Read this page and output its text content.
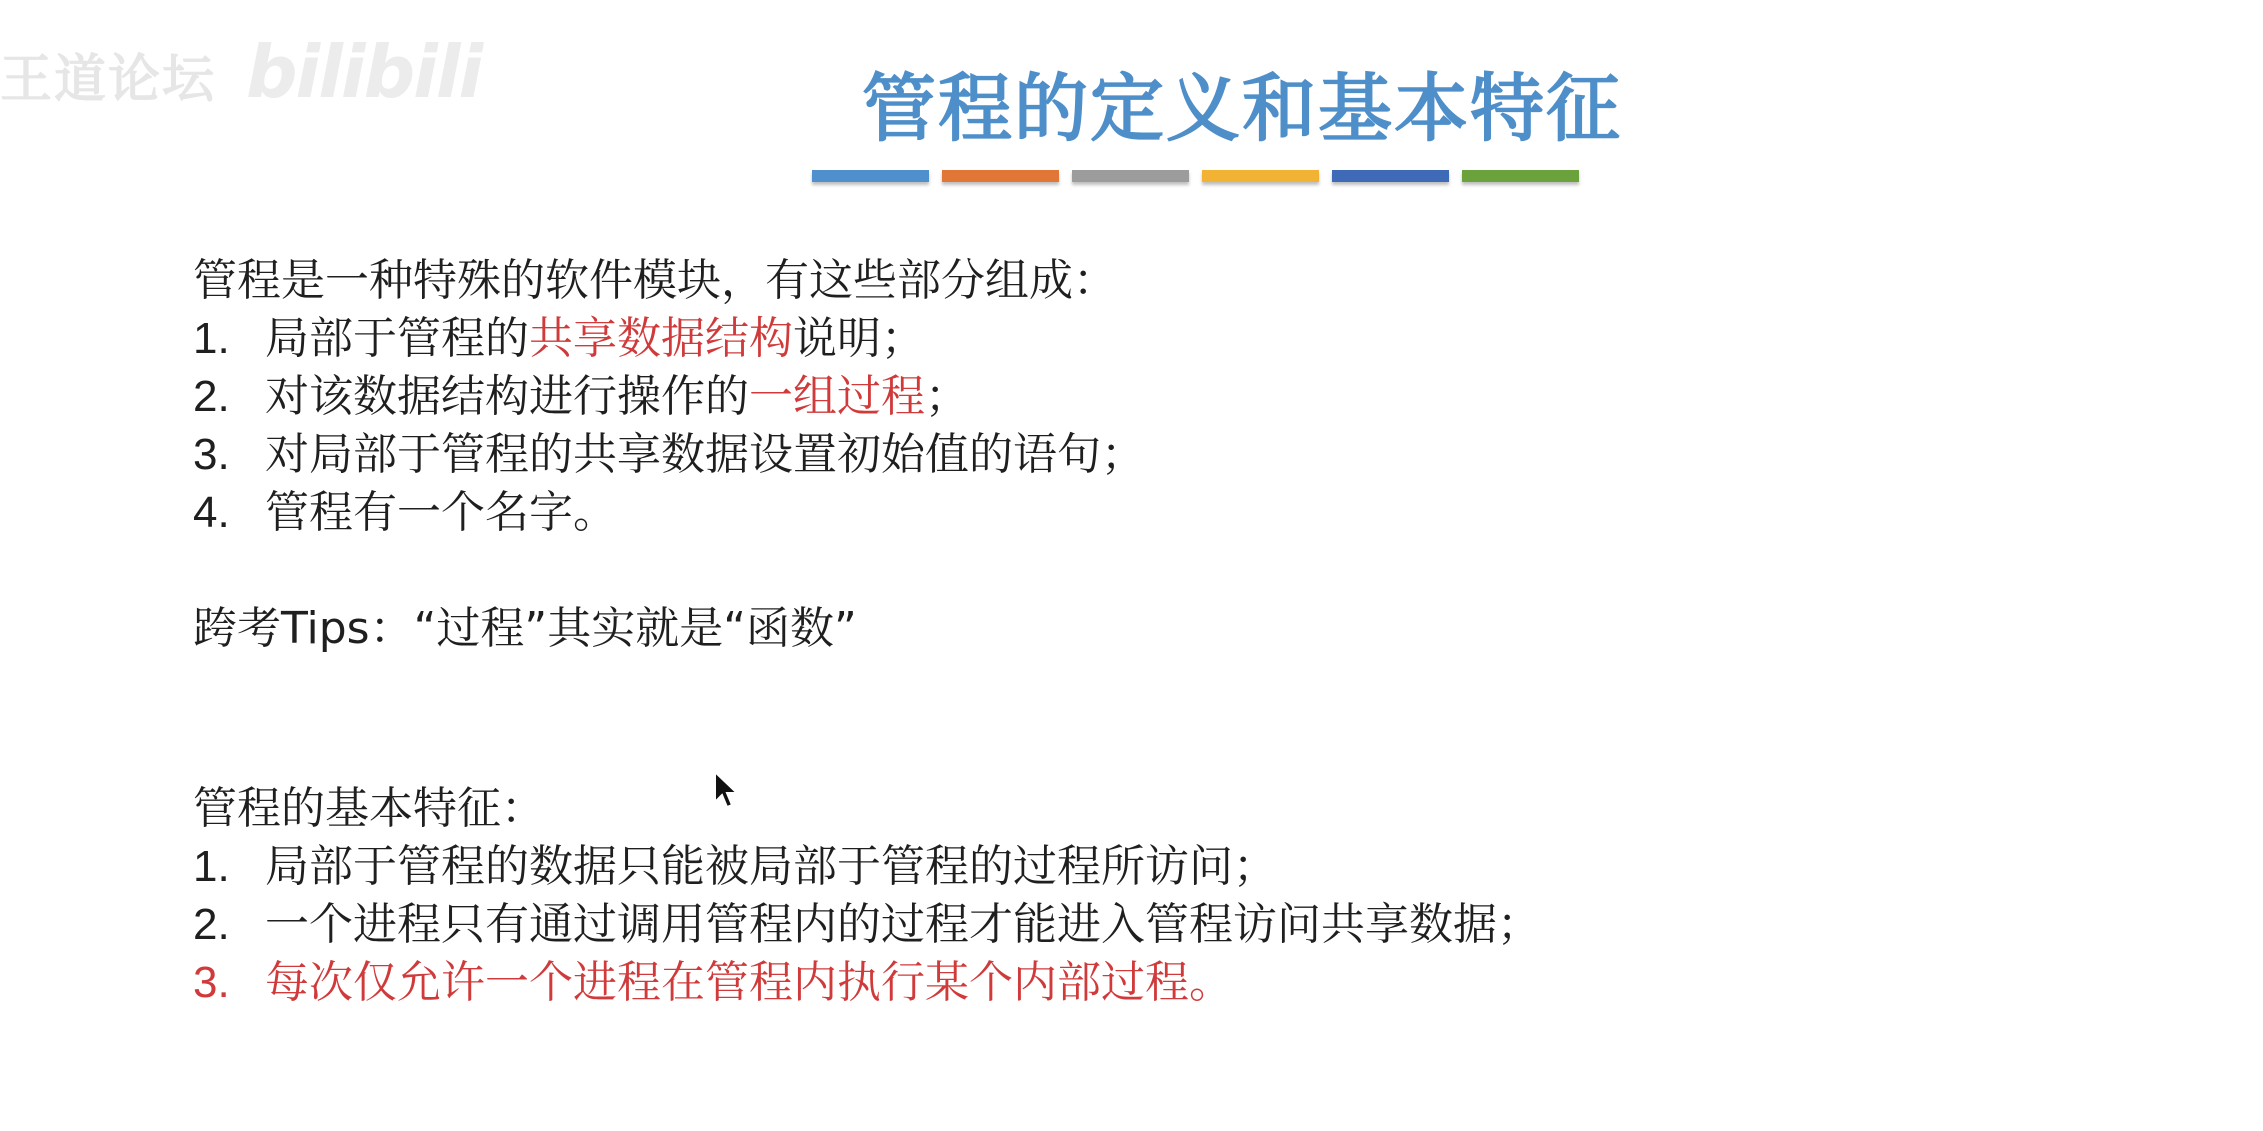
王道论坛 bilibili	管程的定义和基本特征
管程是一种特殊的软件模块，有这些部分组成：
1. 局部于管程的共享数据结构说明；
2. 对该数据结构进行操作的一组过程；
3. 对局部于管程的共享数据设置初始值的语句；
4. 管程有一个名字。
跨考Tips：“过程”其实就是“函数”
管程的基本特征：
1. 局部于管程的数据只能被局部于管程的过程所访问；
2. 一个进程只有通过调用管程内的过程才能进入管程访问共享数据；
3. 每次仅允许一个进程在管程内执行某个内部过程。
